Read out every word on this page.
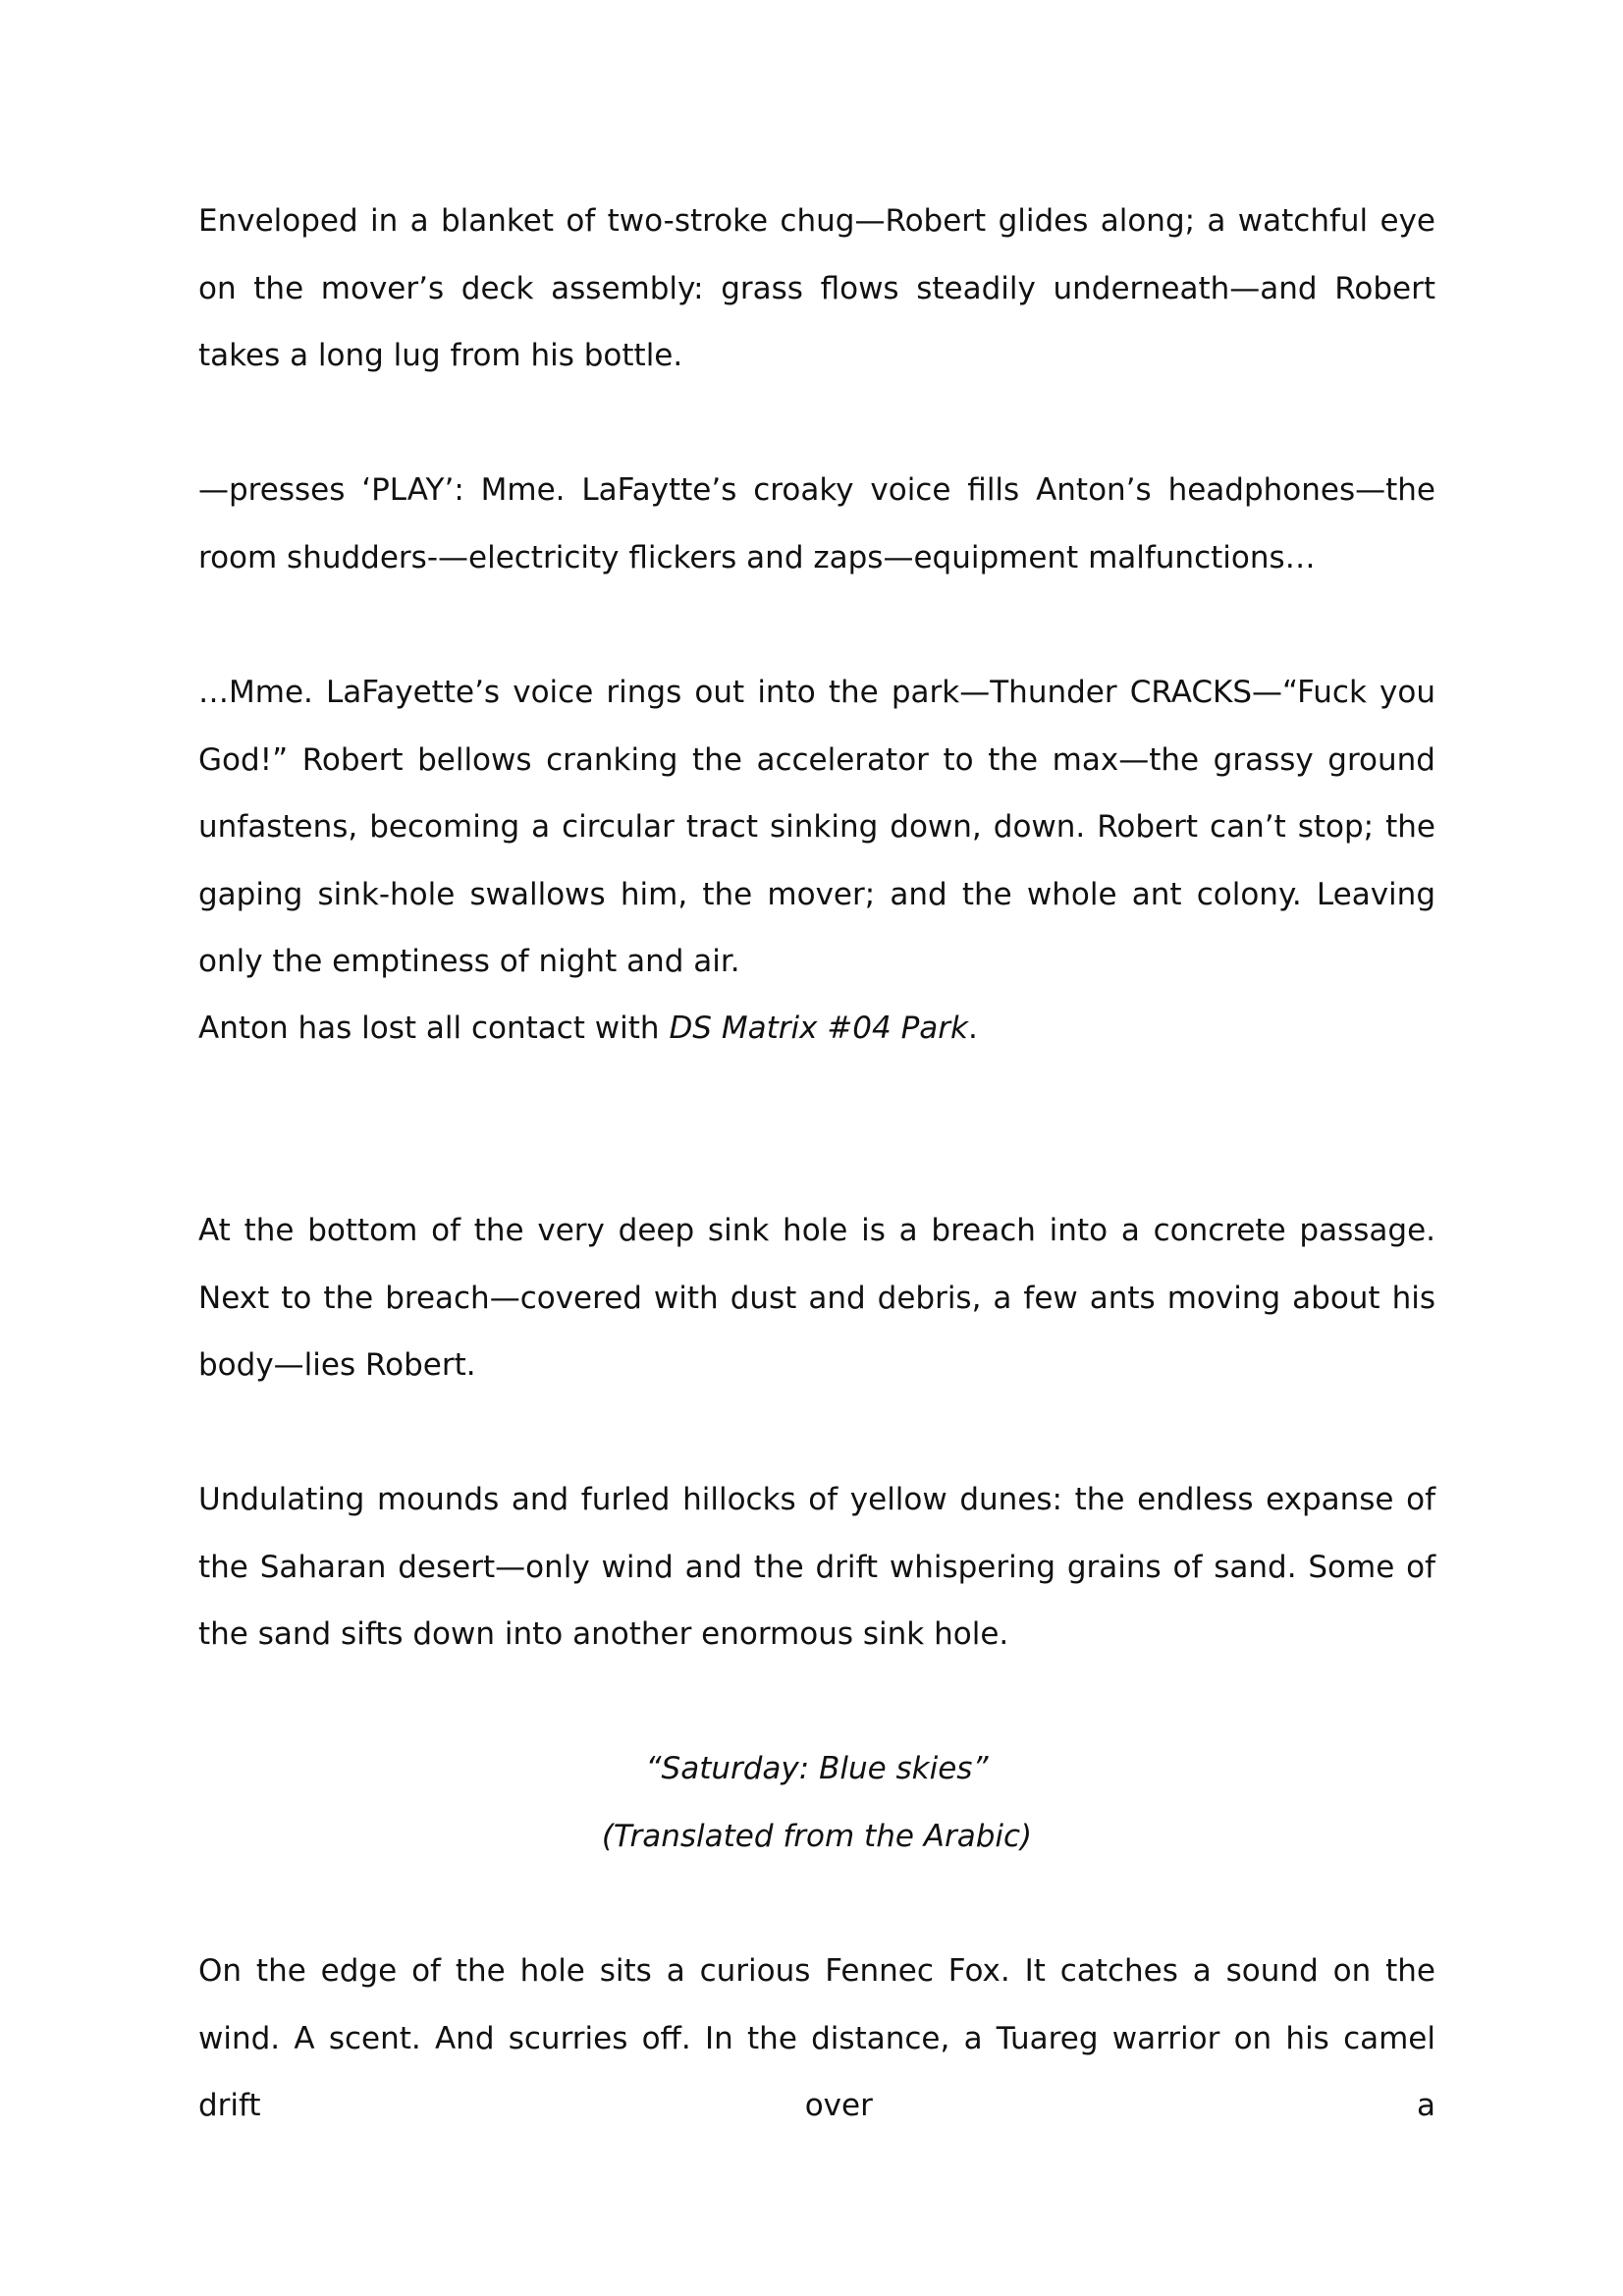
Enveloped in a blanket of two-stroke chug—Robert glides along; a watchful eye on the mover’s deck assembly: grass flows steadily underneath—and Robert takes a long lug from his bottle.

—presses ‘PLAY’: Mme. LaFaytte’s croaky voice fills Anton’s headphones—the room shudders-—electricity flickers and zaps—equipment malfunctions…

…Mme. LaFayette’s voice rings out into the park—Thunder CRACKS—“Fuck you God!” Robert bellows cranking the accelerator to the max—the grassy ground unfastens, becoming a circular tract sinking down, down. Robert can’t stop; the gaping sink-hole swallows him, the mover; and the whole ant colony. Leaving only the emptiness of night and air.

Anton has lost all contact with DS Matrix #04 Park.

At the bottom of the very deep sink hole is a breach into a concrete passage. Next to the breach—covered with dust and debris, a few ants moving about his body—lies Robert.

Undulating mounds and furled hillocks of yellow dunes: the endless expanse of the Saharan desert—only wind and the drift whispering grains of sand. Some of the sand sifts down into another enormous sink hole.

“Saturday: Blue skies”

(Translated from the Arabic)

On the edge of the hole sits a curious Fennec Fox. It catches a sound on the wind. A scent. And scurries off. In the distance, a Tuareg warrior on his camel drift over a
